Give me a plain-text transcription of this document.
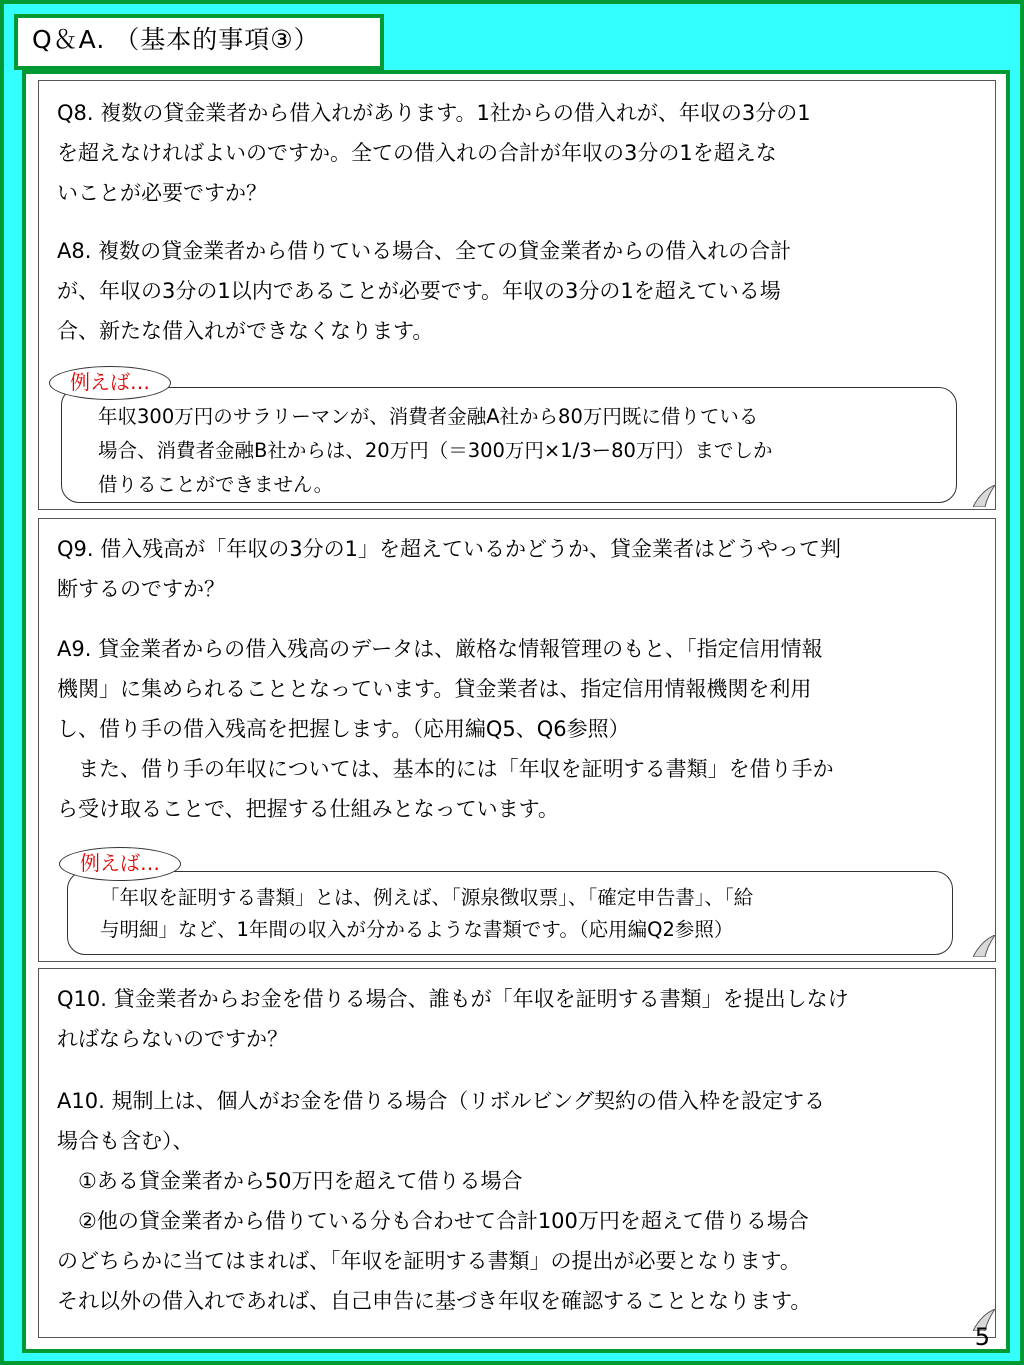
Q＆A. （基本的事項③）
Q8. 複数の貸金業者から借入れがあります。1社からの借入れが、年収の3分の1
を超えなければよいのですか。全ての借入れの合計が年収の3分の1を超えな
いことが必要ですか？
A8. 複数の貸金業者から借りている場合、全ての貸金業者からの借入れの合計
が、年収の3分の1以内であることが必要です。年収の3分の1を超えている場
合、新たな借入れができなくなります。
例えば…
年収300万円のサラリーマンが、消費者金融A社から80万円既に借りている
場合、消費者金融B社からは、20万円（＝300万円×1/3ー80万円）までしか
借りることができません。
Q9. 借入残高が「年収の3分の1」を超えているかどうか、貸金業者はどうやって判
断するのですか？
A9. 貸金業者からの借入残高のデータは、厳格な情報管理のもと、「指定信用情報
機関」に集められることとなっています。貸金業者は、指定信用情報機関を利用
し、借り手の借入残高を把握します。（応用編Q5、Q6参照）
　また、借り手の年収については、基本的には「年収を証明する書類」を借り手か
ら受け取ることで、把握する仕組みとなっています。
例えば…
「年収を証明する書類」とは、例えば、「源泉徴収票」、「確定申告書」、「給
与明細」など、1年間の収入が分かるような書類です。（応用編Q2参照）
Q10. 貸金業者からお金を借りる場合、誰もが「年収を証明する書類」を提出しなけ
ればならないのですか？
A10. 規制上は、個人がお金を借りる場合（リボルビング契約の借入枠を設定する
場合も含む）、
　①ある貸金業者から50万円を超えて借りる場合
　②他の貸金業者から借りている分も合わせて合計100万円を超えて借りる場合
のどちらかに当てはまれば、「年収を証明する書類」の提出が必要となります。
それ以外の借入れであれば、自己申告に基づき年収を確認することとなります。
5
